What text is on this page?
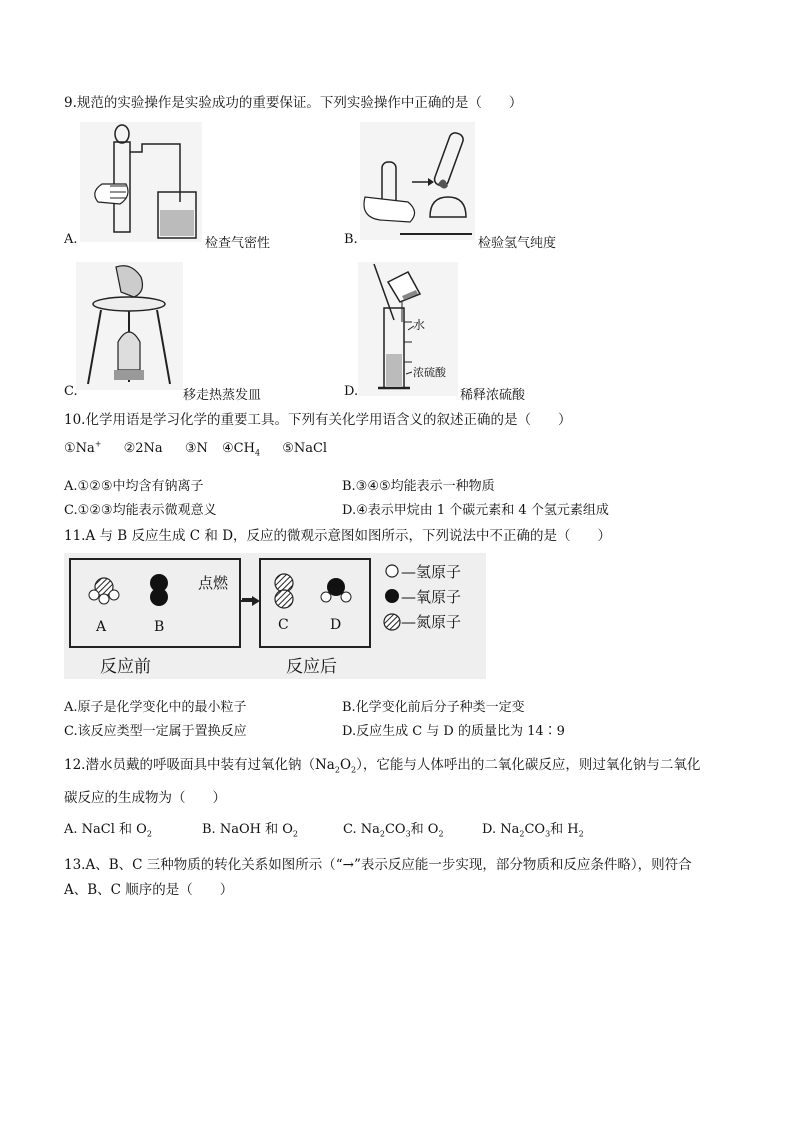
9.规范的实验操作是实验成功的重要保证。下列实验操作中正确的是（　　）
A.	检查气密性	B.	检验氢气纯度
C.	移走热蒸发皿
水
浓硫酸
D.	稀释浓硫酸
10.化学用语是学习化学的重要工具。下列有关化学用语含义的叙述正确的是（　　）
①Na+ ②2Na ③N $④CH_4$ ⑤NaCl
A.①②⑤中均含有钠离子	B.③④⑤均能表示一种物质
C.①②③均能表示微观意义	D.④表示甲烷由 1 个碳元素和 4 个氢元素组成
11.A 与 B 反应生成 C 和 D，反应的微观示意图如图所示，下列说法中不正确的是（　　）
点燃
A	B	C	D
反应前	反应后
—氢原子
—氧原子
—氮原子
A.原子是化学变化中的最小粒子	B.化学变化前后分子种类一定变
C.该反应类型一定属于置换反应	D.反应生成 C 与 D 的质量比为 14∶9
12.潜水员戴的呼吸面具中装有过氧化钠$(Na_2O_2)$，它能与人体呼出的二氧化碳反应，则过氧化钠与二氧化
碳反应的生成物为（　　）
A. NaCl 和 $O_2$	B. NaOH 和 $O_2$	C. $Na_2CO_3$和 $O_2$	D. $Na_2CO_3$和 $H_2$
13.A、B、C 三种物质的转化关系如图所示（“→”表示反应能一步实现，部分物质和反应条件略），则符合
A、B、C 顺序的是（　　）
